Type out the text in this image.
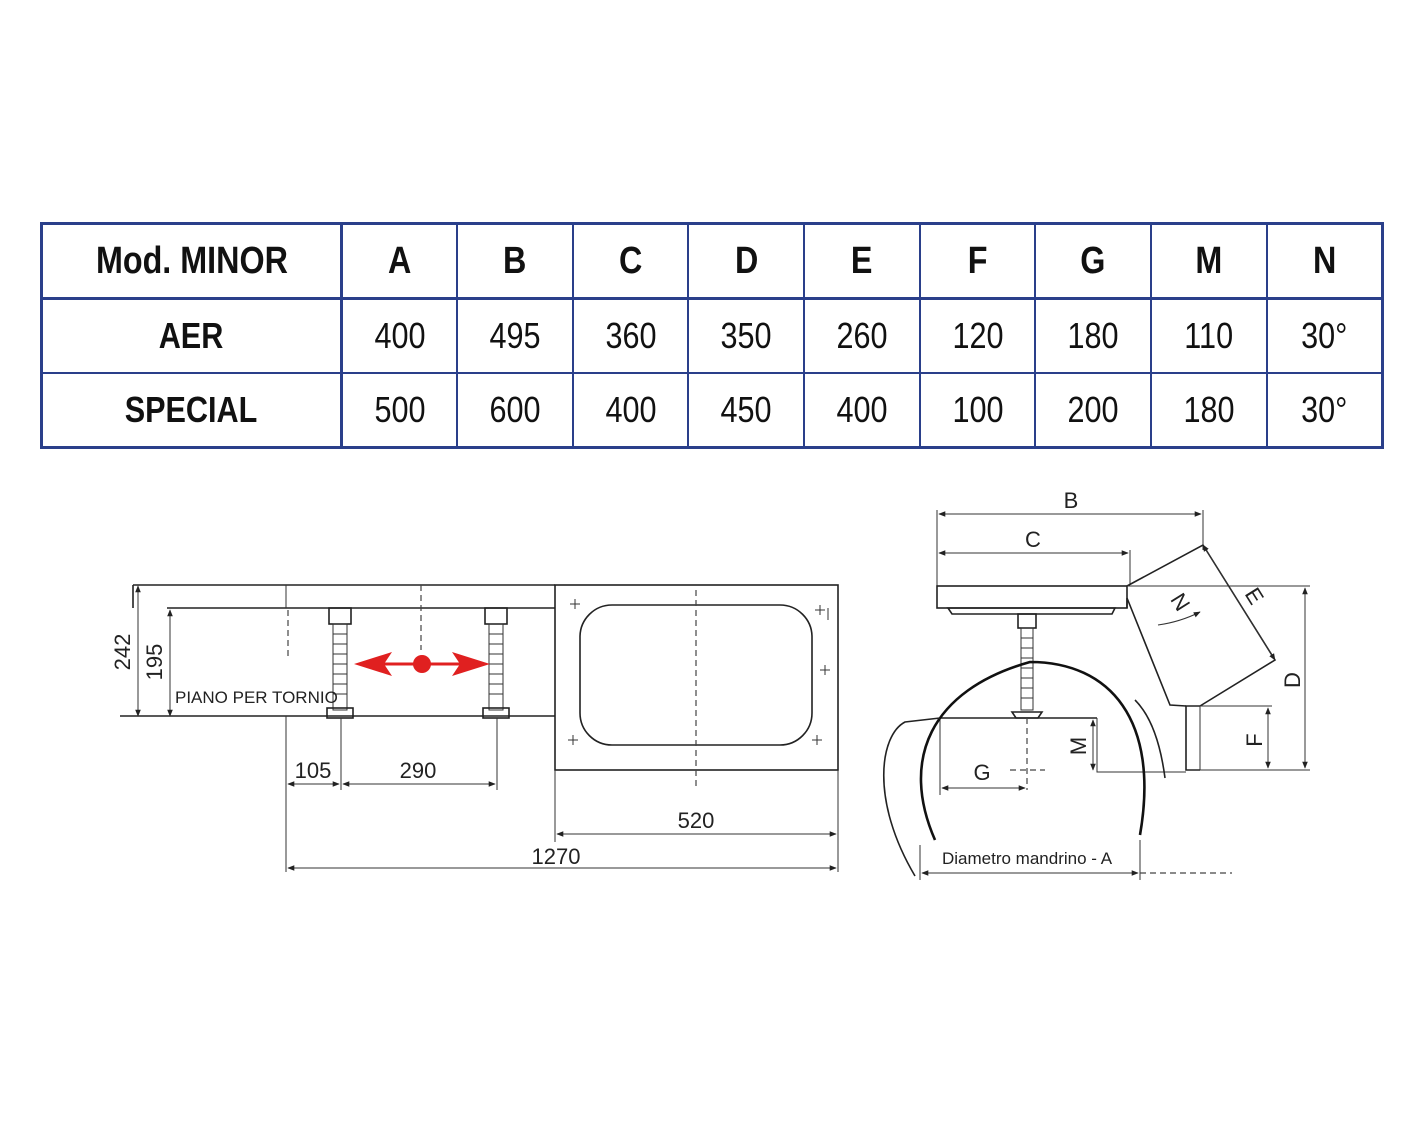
Mod. MINOR	A	B	C	D	E	F	G	M	N
AER	400	495	360	350	260	120	180	110	30°
SPECIAL	500	600	400	450	400	100	200	180	30°
242 195
PIANO PER TORNIO
105	290
520
1270
B
C
E
N
D
F
M
G
Diametro mandrino - A
